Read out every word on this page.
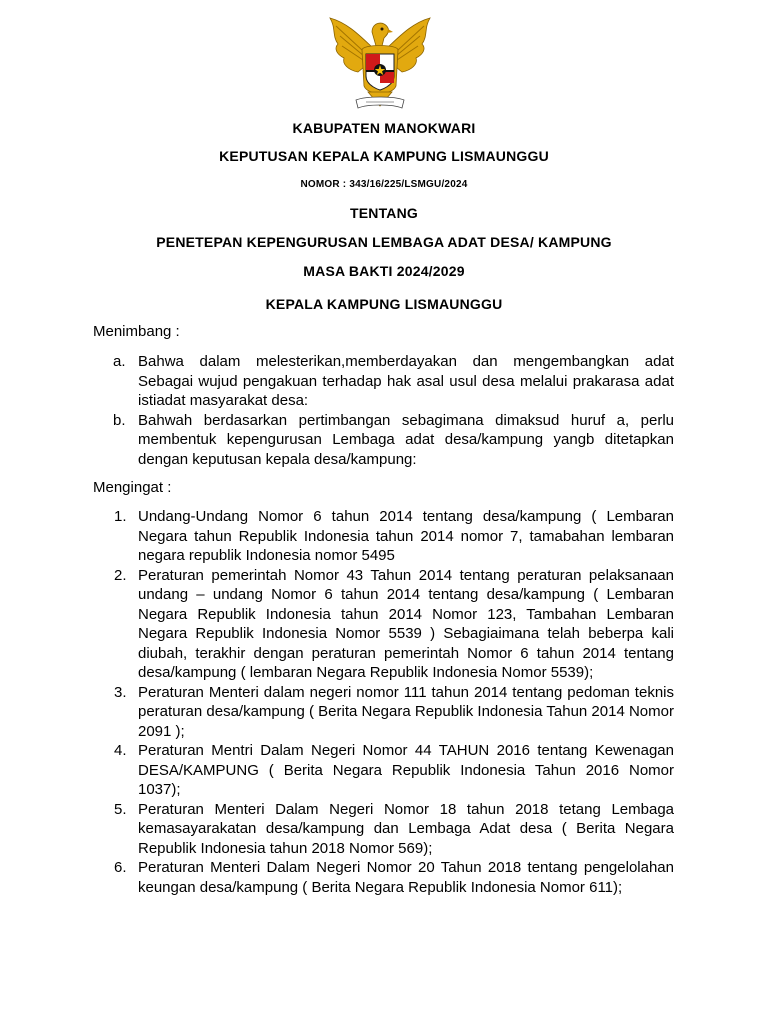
KABUPATEN MANOKWARI
KEPUTUSAN KEPALA KAMPUNG LISMAUNGGU
NOMOR : 343/16/225/LSMGU/2024
TENTANG
PENETEPAN KEPENGURUSAN LEMBAGA ADAT DESA/ KAMPUNG
MASA BAKTI 2024/2029
KEPALA KAMPUNG LISMAUNGGU
Menimbang :
a. Bahwa dalam melesterikan,memberdayakan dan mengembangkan adat Sebagai wujud pengakuan terhadap hak asal usul desa melalui prakarasa adat istiadat masyarakat desa:
b. Bahwah berdasarkan pertimbangan sebagimana dimaksud huruf a, perlu membentuk kepengurusan Lembaga adat desa/kampung yangb ditetapkan dengan keputusan kepala desa/kampung:
Mengingat :
1. Undang-Undang Nomor 6 tahun 2014 tentang desa/kampung ( Lembaran Negara tahun Republik Indonesia tahun 2014 nomor 7, tamabahan lembaran negara republik Indonesia nomor 5495
2. Peraturan pemerintah Nomor 43 Tahun 2014 tentang peraturan pelaksanaan undang – undang Nomor 6 tahun 2014 tentang desa/kampung ( Lembaran Negara Republik Indonesia tahun 2014 Nomor 123, Tambahan Lembaran Negara Republik Indonesia Nomor 5539 ) Sebagiaimana telah beberpa kali diubah, terakhir dengan peraturan pemerintah Nomor 6 tahun 2014 tentang desa/kampung ( lembaran Negara Republik Indonesia Nomor 5539);
3. Peraturan Menteri dalam negeri nomor 111 tahun 2014 tentang pedoman teknis peraturan desa/kampung ( Berita Negara Republik Indonesia Tahun 2014 Nomor 2091 );
4. Peraturan Mentri Dalam Negeri Nomor 44 TAHUN 2016 tentang Kewenagan DESA/KAMPUNG ( Berita Negara Republik Indonesia Tahun 2016 Nomor 1037);
5. Peraturan Menteri Dalam Negeri Nomor 18 tahun 2018 tetang Lembaga kemasayarakatan desa/kampung dan Lembaga Adat desa ( Berita Negara Republik Indonesia tahun 2018 Nomor 569);
6. Peraturan Menteri Dalam Negeri Nomor 20 Tahun 2018 tentang pengelolahan keungan desa/kampung ( Berita Negara Republik Indonesia Nomor 611);
